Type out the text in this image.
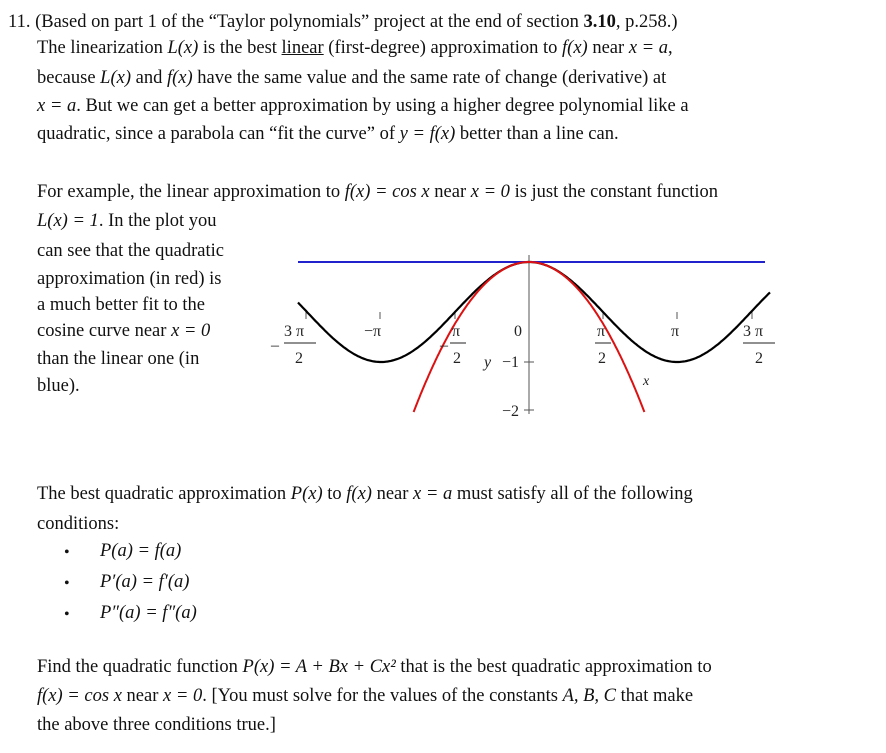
11. (Based on part 1 of the “Taylor polynomials” project at the end of section 3.10, p.258.)
The linearization L(x) is the best linear (first-degree) approximation to f(x) near x = a,
because L(x) and f(x) have the same value and the same rate of change (derivative) at
x = a. But we can get a better approximation by using a higher degree polynomial like a
quadratic, since a parabola can “fit the curve” of y = f(x) better than a line can.
For example, the linear approximation to f(x) = cos x near x = 0 is just the constant function
L(x) = 1. In the plot you
can see that the quadratic
approximation (in red) is
a much better fit to the
cosine curve near x = 0
than the linear one (in
blue).
–
3 π
2
−π
–
π
2
0	π
2
π	3 π
2
y −1
−2
x
The best quadratic approximation P(x) to f(x) near x = a must satisfy all of the following
conditions:
• P(a) = f(a)
• P′(a) = f′(a)
• P″(a) = f″(a)
Find the quadratic function P(x) = A + Bx + Cx² that is the best quadratic approximation to
f(x) = cos x near x = 0. [You must solve for the values of the constants A, B, C that make
the above three conditions true.]
